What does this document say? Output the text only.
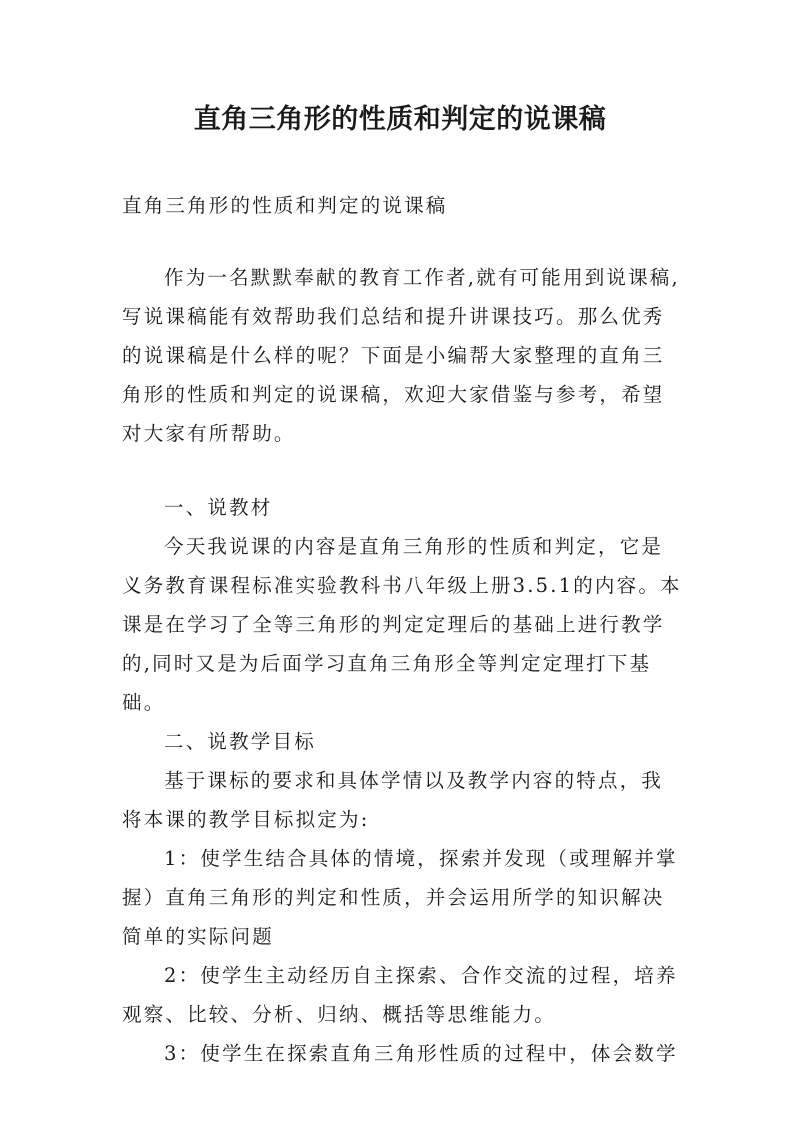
直角三角形的性质和判定的说课稿
直角三角形的性质和判定的说课稿
作为一名默默奉献的教育工作者,就有可能用到说课稿,写说课稿能有效帮助我们总结和提升讲课技巧。那么优秀的说课稿是什么样的呢？下面是小编帮大家整理的直角三角形的性质和判定的说课稿，欢迎大家借鉴与参考，希望对大家有所帮助。

一、说教材

今天我说课的内容是直角三角形的性质和判定，它是义务教育课程标准实验教科书八年级上册3.5.1的内容。本课是在学习了全等三角形的判定定理后的基础上进行教学的,同时又是为后面学习直角三角形全等判定定理打下基础。

二、说教学目标

基于课标的要求和具体学情以及教学内容的特点，我将本课的教学目标拟定为:

1：使学生结合具体的情境，探索并发现（或理解并掌握）直角三角形的判定和性质，并会运用所学的知识解决简单的实际问题

2：使学生主动经历自主探索、合作交流的过程，培养观察、比较、分析、归纳、概括等思维能力。

3：使学生在探索直角三角形性质的过程中，体会数学
